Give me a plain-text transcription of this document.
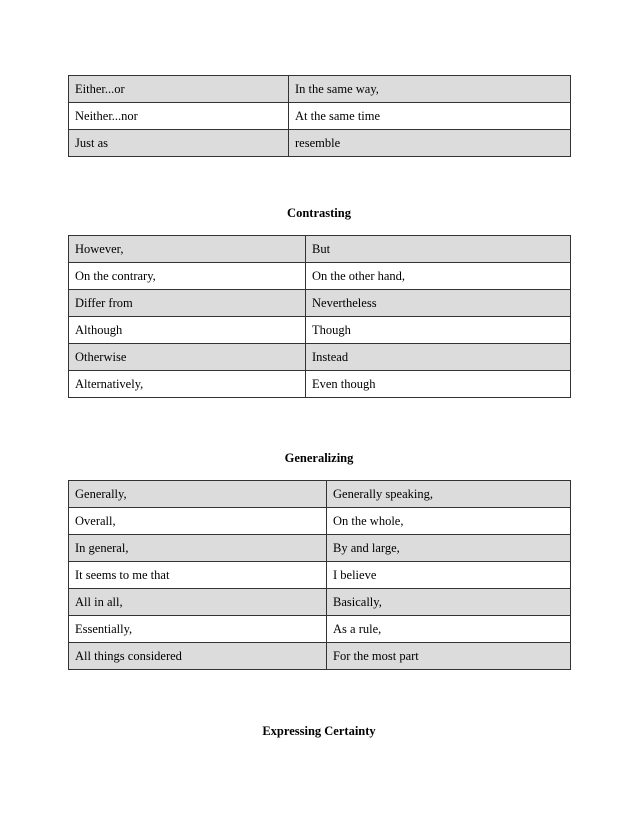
Either...or	In the same way,
Neither...nor	At the same time
Just as	resemble
Contrasting
However,	But
On the contrary,	On the other hand,
Differ from	Nevertheless
Although	Though
Otherwise	Instead
Alternatively,	Even though
Generalizing
Generally,	Generally speaking,
Overall,	On the whole,
In general,	By and large,
It seems to me that	I believe
All in all,	Basically,
Essentially,	As a rule,
All things considered	For the most part
Expressing Certainty
